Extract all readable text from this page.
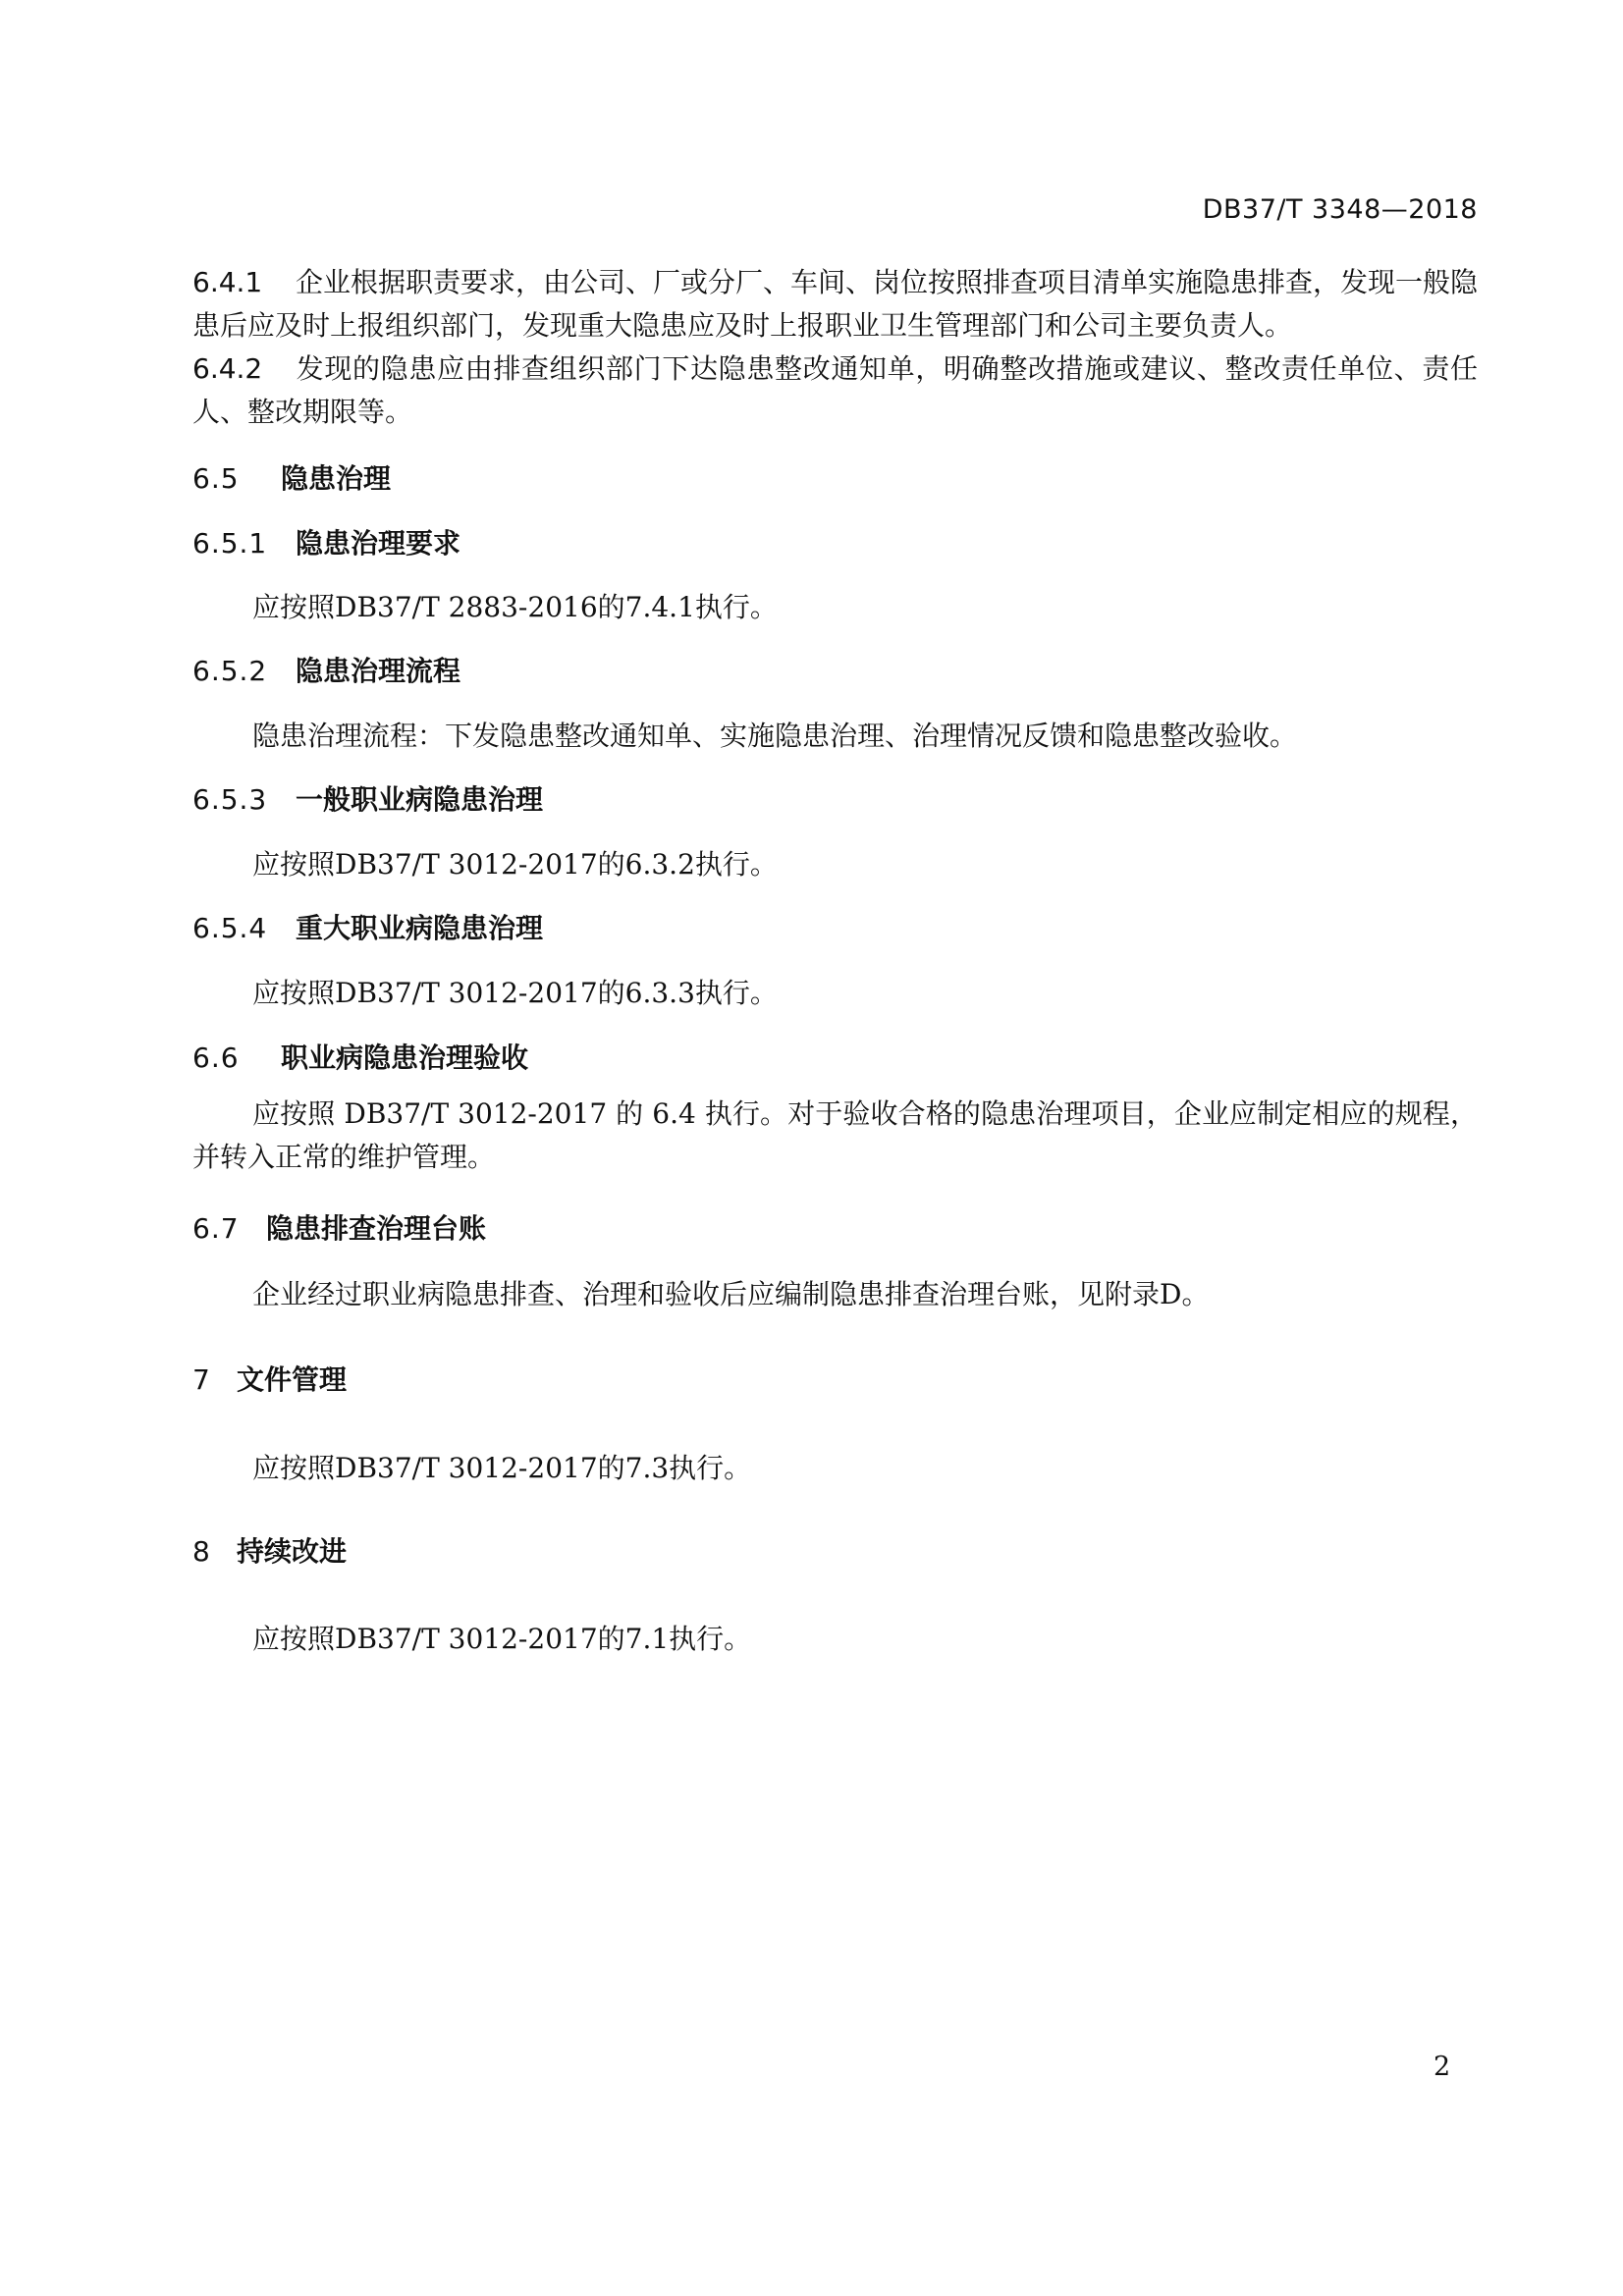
DB37/T 3348—2018
6.4.1 企业根据职责要求，由公司、厂或分厂、车间、岗位按照排查项目清单实施隐患排查，发现一般隐患后应及时上报组织部门，发现重大隐患应及时上报职业卫生管理部门和公司主要负责人。
6.4.2 发现的隐患应由排查组织部门下达隐患整改通知单，明确整改措施或建议、整改责任单位、责任人、整改期限等。
6.5 隐患治理
6.5.1 隐患治理要求
应按照DB37/T 2883-2016的7.4.1执行。
6.5.2 隐患治理流程
隐患治理流程：下发隐患整改通知单、实施隐患治理、治理情况反馈和隐患整改验收。
6.5.3 一般职业病隐患治理
应按照DB37/T 3012-2017的6.3.2执行。
6.5.4 重大职业病隐患治理
应按照DB37/T 3012-2017的6.3.3执行。
6.6 职业病隐患治理验收
应按照 DB37/T 3012-2017 的 6.4 执行。对于验收合格的隐患治理项目，企业应制定相应的规程，并转入正常的维护管理。
6.7 隐患排查治理台账
企业经过职业病隐患排查、治理和验收后应编制隐患排查治理台账，见附录D。
7 文件管理
应按照DB37/T 3012-2017的7.3执行。
8 持续改进
应按照DB37/T 3012-2017的7.1执行。
2
